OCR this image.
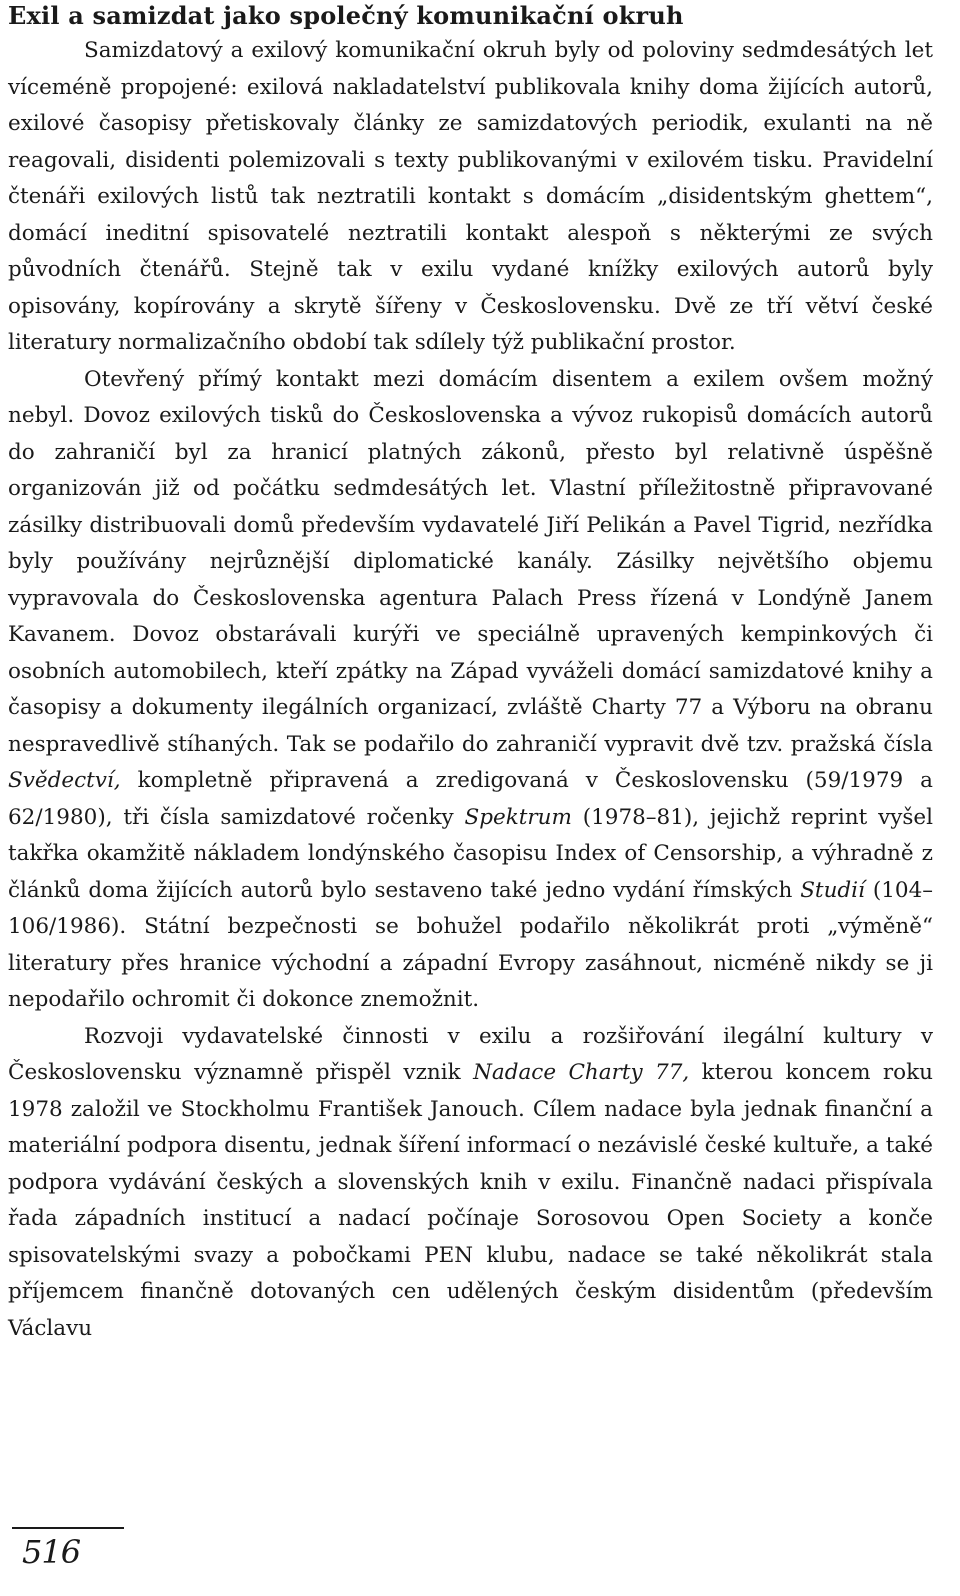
Exil a samizdat jako společný komunikační okruh

Samizdatový a exilový komunikační okruh byly od poloviny sedmdesátých let víceméně propojené: exilová nakladatelství publikovala knihy doma žijících autorů, exilové časopisy přetiskovaly články ze samizdatových periodik, exulanti na ně reagovali, disidenti polemizovali s texty publikovanými v exilovém tisku. Pravidelní čtenáři exilových listů tak neztratili kontakt s domácím „disidentským ghettem“, domácí ineditní spisovatelé neztratili kontakt alespoň s některými ze svých původních čtenářů. Stejně tak v exilu vydané knížky exilových autorů byly opisovány, kopírovány a skrytě šířeny v Československu. Dvě ze tří větví české literatury normalizačního období tak sdílely týž publikační prostor.

Otevřený přímý kontakt mezi domácím disentem a exilem ovšem možný nebyl. Dovoz exilových tisků do Československa a vývoz rukopisů domácích autorů do zahraničí byl za hranicí platných zákonů, přesto byl relativně úspěšně organizován již od počátku sedmdesátých let. Vlastní příležitostně připravované zásilky distribuovali domů především vydavatelé Jiří Pelikán a Pavel Tigrid, nezřídka byly používány nejrůznější diplomatické kanály. Zásilky největšího objemu vypravovala do Československa agentura Palach Press řízená v Londýně Janem Kavanem. Dovoz obstarávali kurýři ve speciálně upravených kempinkových či osobních automobilech, kteří zpátky na Západ vyváželi domácí samizdatové knihy a časopisy a dokumenty ilegálních organizací, zvláště Charty 77 a Výboru na obranu nespravedlivě stíhaných. Tak se podařilo do zahraničí vypravit dvě tzv. pražská čísla Svědectví, kompletně připravená a zredigovaná v Československu (59/1979 a 62/1980), tři čísla samizdatové ročenky Spektrum (1978–81), jejichž reprint vyšel takřka okamžitě nákladem londýnského časopisu Index of Censorship, a výhradně z článků doma žijících autorů bylo sestaveno také jedno vydání římských Studií (104–106/1986). Státní bezpečnosti se bohužel podařilo několikrát proti „výměně“ literatury přes hranice východní a západní Evropy zasáhnout, nicméně nikdy se ji nepodařilo ochromit či dokonce znemožnit.

Rozvoji vydavatelské činnosti v exilu a rozšiřování ilegální kultury v Československu významně přispěl vznik Nadace Charty 77, kterou koncem roku 1978 založil ve Stockholmu František Janouch. Cílem nadace byla jednak finanční a materiální podpora disentu, jednak šíření informací o nezávislé české kultuře, a také podpora vydávání českých a slovenských knih v exilu. Finančně nadaci přispívala řada západních institucí a nadací počínaje Sorosovou Open Society a konče spisovatelskými svazy a pobočkami PEN klubu, nadace se také několikrát stala příjemcem finančně dotovaných cen udělených českým disidentům (především Václavu

516
